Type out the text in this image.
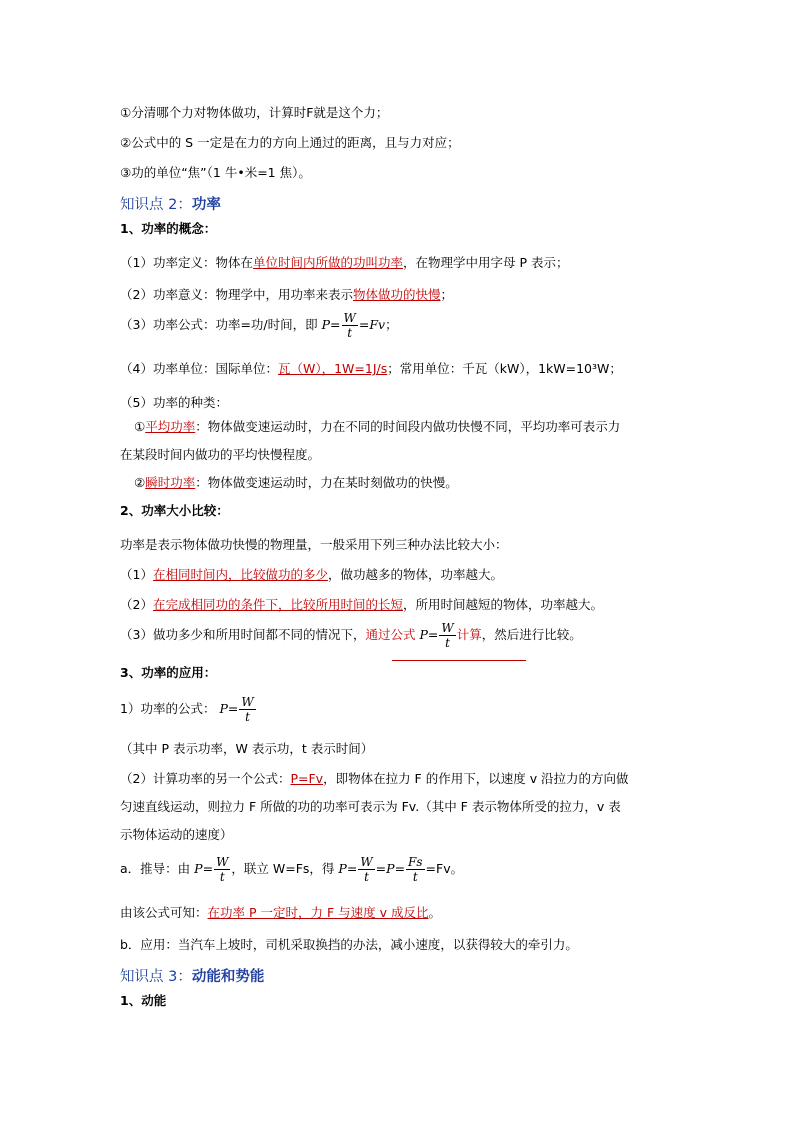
①分清哪个力对物体做功，计算时F就是这个力；
②公式中的 S 一定是在力的方向上通过的距离，且与力对应；
③功的单位“焦”（1 牛•米=1 焦）。
知识点 2：功率
1、功率的概念：
（1）功率定义：物体在单位时间内所做的功叫功率，在物理学中用字母 P 表示；
（2）功率意义：物理学中，用功率来表示物体做功的快慢；
（3）功率公式：功率=功/时间，即 $P= \frac{W}{t} =Fv$；
（4）功率单位：国际单位：瓦（W），1W=1J/s；常用单位：千瓦（kW），1kW=10³W；
（5）功率的种类：
①平均功率：物体做变速运动时，力在不同的时间段内做功快慢不同，平均功率可表示力
在某段时间内做功的平均快慢程度。
②瞬时功率：物体做变速运动时，力在某时刻做功的快慢。
2、功率大小比较：
功率是表示物体做功快慢的物理量，一般采用下列三种办法比较大小：
（1）在相同时间内，比较做功的多少，做功越多的物体，功率越大。
（2）在完成相同功的条件下，比较所用时间的长短，所用时间越短的物体，功率越大。
（3）做功多少和所用时间都不同的情况下，通过公式 $P= \frac{W}{t}$ 计算，然后进行比较。
3、功率的应用：
1）功率的公式： $P= \frac{W}{t}$
（其中 P 表示功率，W 表示功，t 表示时间）
（2）计算功率的另一个公式：P=Fv，即物体在拉力 F 的作用下，以速度 v 沿拉力的方向做
匀速直线运动，则拉力 F 所做的功的功率可表示为 Fv.（其中 F 表示物体所受的拉力，v 表
示物体运动的速度）
a．推导：由 $P= \frac{W}{t}$ ，联立 W=Fs，得 $P= \frac{W}{t} =P= \frac{Fs}{t} =Fv$。
由该公式可知：在功率 P 一定时，力 F 与速度 v 成反比。
b．应用：当汽车上坡时，司机采取换挡的办法，减小速度，以获得较大的牵引力。
知识点 3：动能和势能
1、动能
